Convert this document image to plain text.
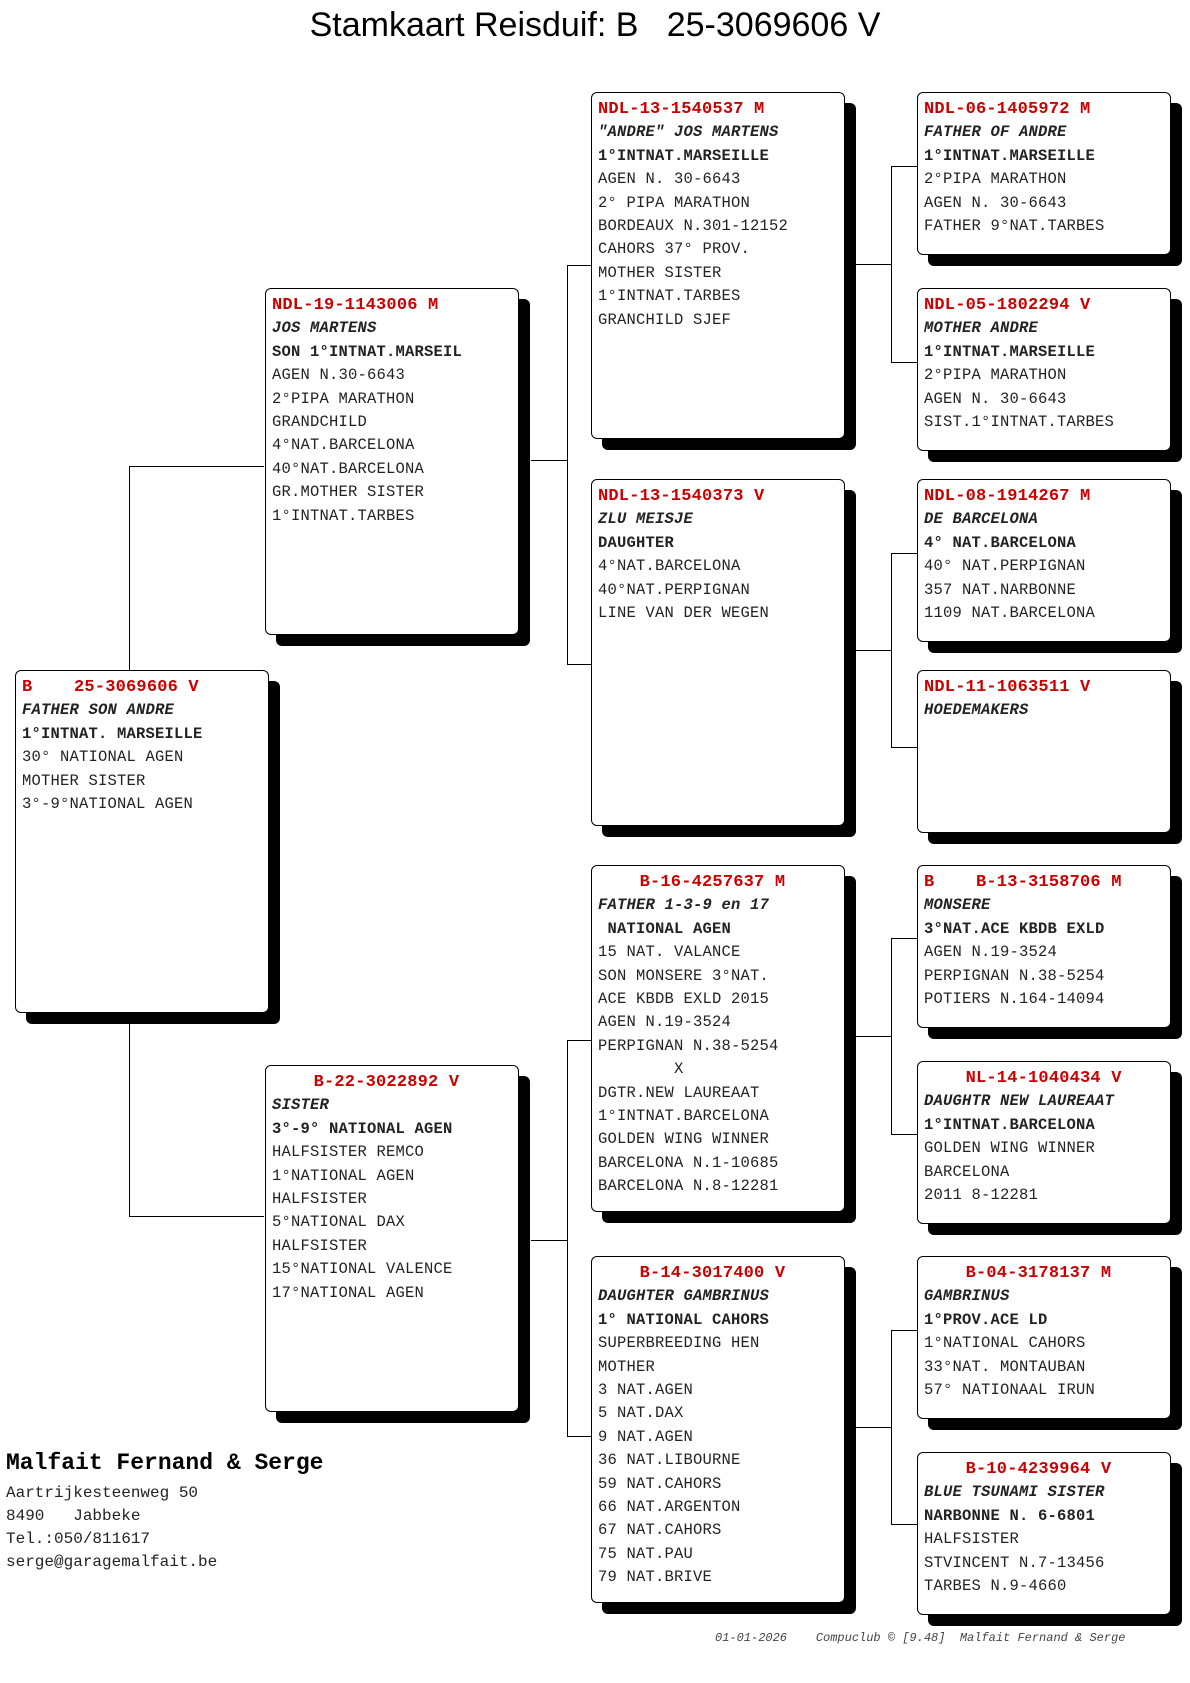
Stamkaart Reisduif: B   25-3069606 V
B    25-3069606 V
FATHER SON ANDRE
1°INTNAT. MARSEILLE
30° NATIONAL AGEN
MOTHER SISTER
3°-9°NATIONAL AGEN
NDL-19-1143006 M
JOS MARTENS
SON 1°INTNAT.MARSEIL
AGEN N.30-6643
2°PIPA MARATHON
GRANDCHILD
4°NAT.BARCELONA
40°NAT.BARCELONA
GR.MOTHER SISTER
1°INTNAT.TARBES
B-22-3022892 V
SISTER
3°-9° NATIONAL AGEN
HALFSISTER REMCO
1°NATIONAL AGEN
HALFSISTER
5°NATIONAL DAX
HALFSISTER
15°NATIONAL VALENCE
17°NATIONAL AGEN
NDL-13-1540537 M
"ANDRE" JOS MARTENS
1°INTNAT.MARSEILLE
AGEN N. 30-6643
2° PIPA MARATHON
BORDEAUX N.301-12152
CAHORS 37° PROV.
MOTHER SISTER
1°INTNAT.TARBES
GRANCHILD SJEF
NDL-13-1540373 V
ZLU MEISJE
DAUGHTER
4°NAT.BARCELONA
40°NAT.PERPIGNAN
LINE VAN DER WEGEN
B-16-4257637 M
FATHER 1-3-9 en 17
NATIONAL AGEN
15 NAT. VALANCE
SON MONSERE 3°NAT.
ACE KBDB EXLD 2015
AGEN N.19-3524
PERPIGNAN N.38-5254
X
DGTR.NEW LAUREAAT
1°INTNAT.BARCELONA
GOLDEN WING WINNER
BARCELONA N.1-10685
BARCELONA N.8-12281
B-14-3017400 V
DAUGHTER GAMBRINUS
1° NATIONAL CAHORS
SUPERBREEDING HEN
MOTHER
3 NAT.AGEN
5 NAT.DAX
9 NAT.AGEN
36 NAT.LIBOURNE
59 NAT.CAHORS
66 NAT.ARGENTON
67 NAT.CAHORS
75 NAT.PAU
79 NAT.BRIVE
NDL-06-1405972 M
FATHER OF ANDRE
1°INTNAT.MARSEILLE
2°PIPA MARATHON
AGEN N. 30-6643
FATHER 9°NAT.TARBES
NDL-05-1802294 V
MOTHER ANDRE
1°INTNAT.MARSEILLE
2°PIPA MARATHON
AGEN N. 30-6643
SIST.1°INTNAT.TARBES
NDL-08-1914267 M
DE BARCELONA
4° NAT.BARCELONA
40° NAT.PERPIGNAN
357 NAT.NARBONNE
1109 NAT.BARCELONA
NDL-11-1063511 V
HOEDEMAKERS
B    B-13-3158706 M
MONSERE
3°NAT.ACE KBDB EXLD
AGEN N.19-3524
PERPIGNAN N.38-5254
POTIERS N.164-14094
NL-14-1040434 V
DAUGHTR NEW LAUREAAT
1°INTNAT.BARCELONA
GOLDEN WING WINNER
BARCELONA
2011 8-12281
B-04-3178137 M
GAMBRINUS
1°PROV.ACE LD
1°NATIONAL CAHORS
33°NAT. MONTAUBAN
57° NATIONAAL IRUN
B-10-4239964 V
BLUE TSUNAMI SISTER
NARBONNE N. 6-6801
HALFSISTER
STVINCENT N.7-13456
TARBES N.9-4660
Malfait Fernand & Serge
Aartrijkesteenweg 50
8490   Jabbeke
Tel.:050/811617
serge@garagemalfait.be
01-01-2026    Compuclub © [9.48]  Malfait Fernand & Serge
